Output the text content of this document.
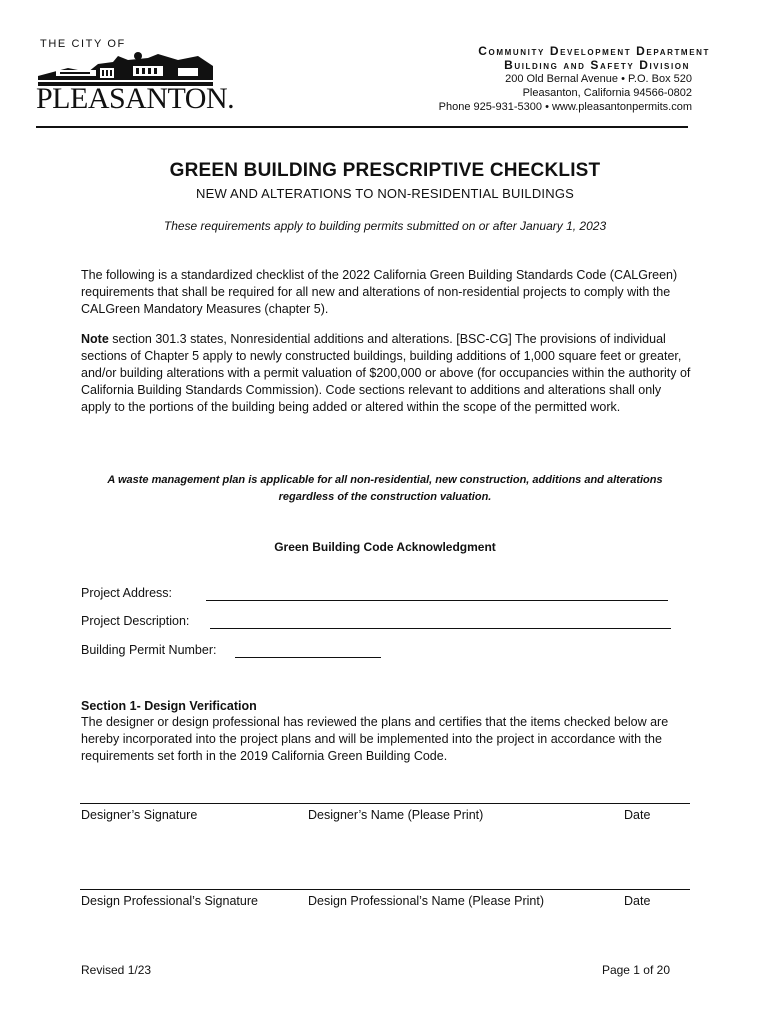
THE CITY OF
PLEASANTON.
Community Development Department
Building and Safety Division
200 Old Bernal Avenue • P.O. Box 520
Pleasanton, California 94566-0802
Phone 925-931-5300 • www.pleasantonpermits.com
GREEN BUILDING PRESCRIPTIVE CHECKLIST
NEW AND ALTERATIONS TO NON-RESIDENTIAL BUILDINGS
These requirements apply to building permits submitted on or after January 1, 2023
The following is a standardized checklist of the 2022 California Green Building Standards Code (CALGreen) requirements that shall be required for all new and alterations of non-residential projects to comply with the CALGreen Mandatory Measures (chapter 5).
Note section 301.3 states, Nonresidential additions and alterations. [BSC-CG] The provisions of individual sections of Chapter 5 apply to newly constructed buildings, building additions of 1,000 square feet or greater, and/or building alterations with a permit valuation of $200,000 or above (for occupancies within the authority of California Building Standards Commission). Code sections relevant to additions and alterations shall only apply to the portions of the building being added or altered within the scope of the permitted work.
A waste management plan is applicable for all non-residential, new construction, additions and alterations regardless of the construction valuation.
Green Building Code Acknowledgment
Project Address:
Project Description:
Building Permit Number:
Section 1- Design Verification
The designer or design professional has reviewed the plans and certifies that the items checked below are hereby incorporated into the project plans and will be implemented into the project in accordance with the requirements set forth in the 2019 California Green Building Code.
Designer’s Signature	Designer’s Name (Please Print)	Date
Design Professional’s Signature	Design Professional’s Name (Please Print)	Date
Revised 1/23	Page 1 of 20
